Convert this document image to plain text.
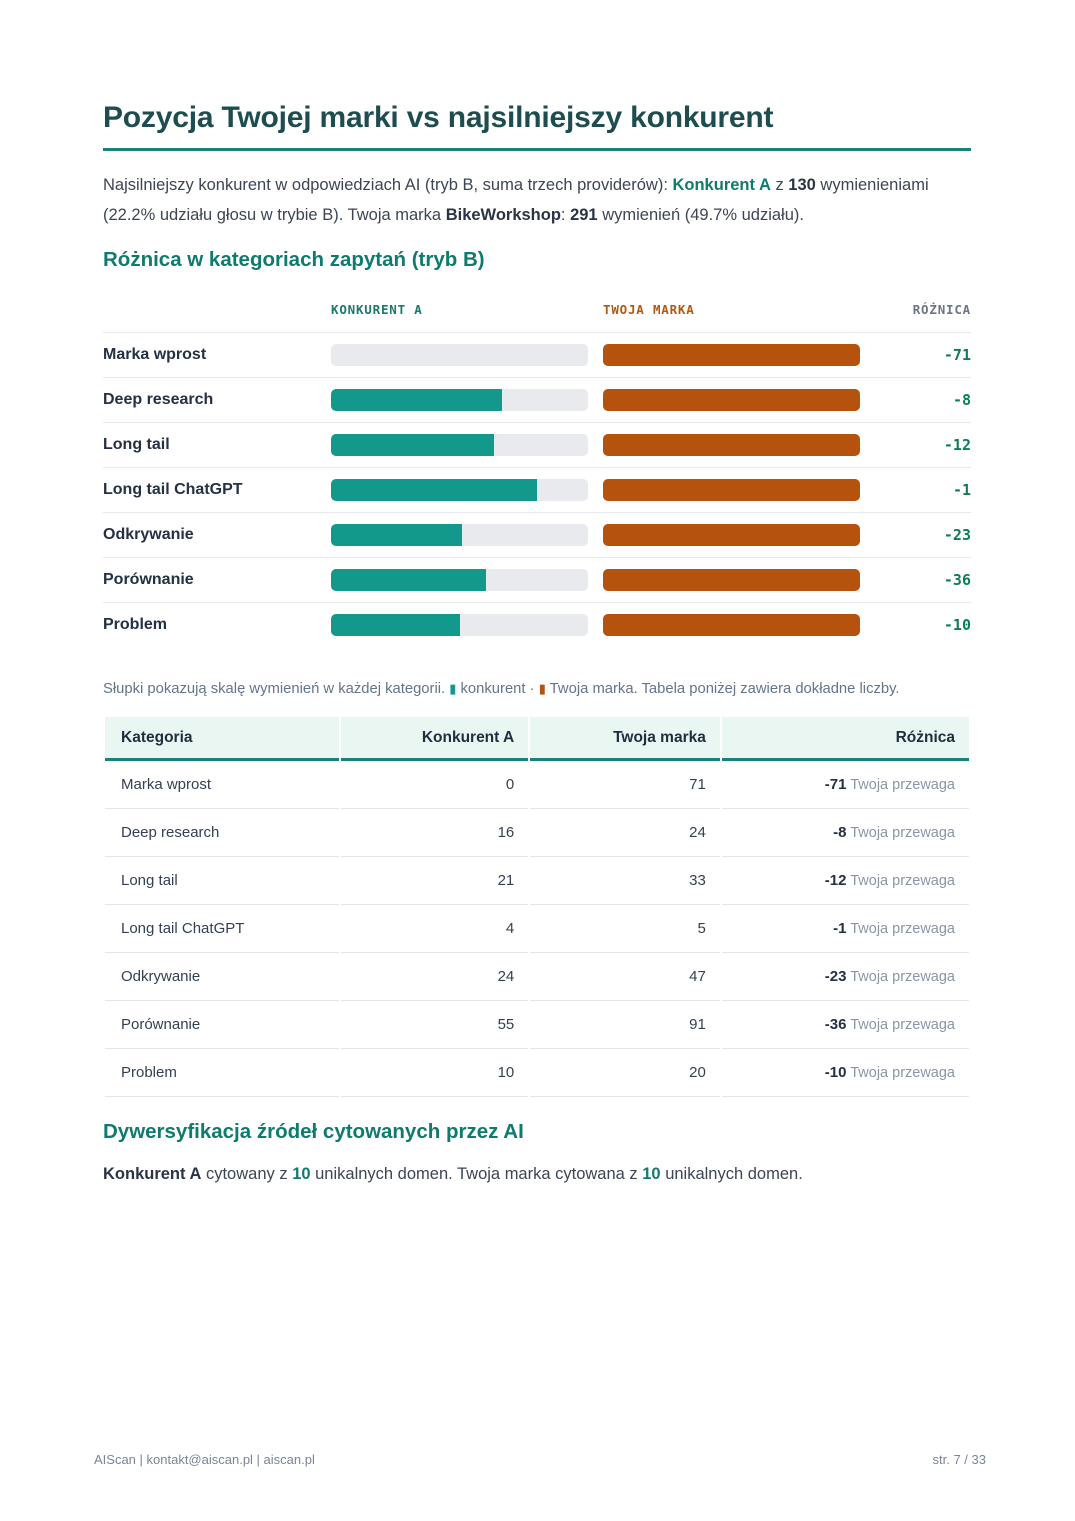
Pozycja Twojej marki vs najsilniejszy konkurent

Najsilniejszy konkurent w odpowiedziach AI (tryb B, suma trzech providerów): Konkurent A z 130 wymienieniami (22.2% udziału głosu w trybie B). Twoja marka BikeWorkshop: 291 wymienień (49.7% udziału).

Różnica w kategoriach zapytań (tryb B)
KONKURENT A	TWOJA MARKA	RÓŻNICA
Marka wprost	-71
Deep research	-8
Long tail	-12
Long tail ChatGPT	-1
Odkrywanie	-23
Porównanie	-36
Problem	-10

Słupki pokazują skalę wymienień w każdej kategorii. ▮ konkurent · ▮ Twoja marka. Tabela poniżej zawiera dokładne liczby.

Kategoria	Konkurent A	Twoja marka	Różnica
Marka wprost	0	71	-71 Twoja przewaga
Deep research	16	24	-8 Twoja przewaga
Long tail	21	33	-12 Twoja przewaga
Long tail ChatGPT	4	5	-1 Twoja przewaga
Odkrywanie	24	47	-23 Twoja przewaga
Porównanie	55	91	-36 Twoja przewaga
Problem	10	20	-10 Twoja przewaga
Dywersyfikacja źródeł cytowanych przez AI

Konkurent A cytowany z 10 unikalnych domen. Twoja marka cytowana z 10 unikalnych domen.

AIScan | kontakt@aiscan.pl | aiscan.pl	str. 7 / 33
